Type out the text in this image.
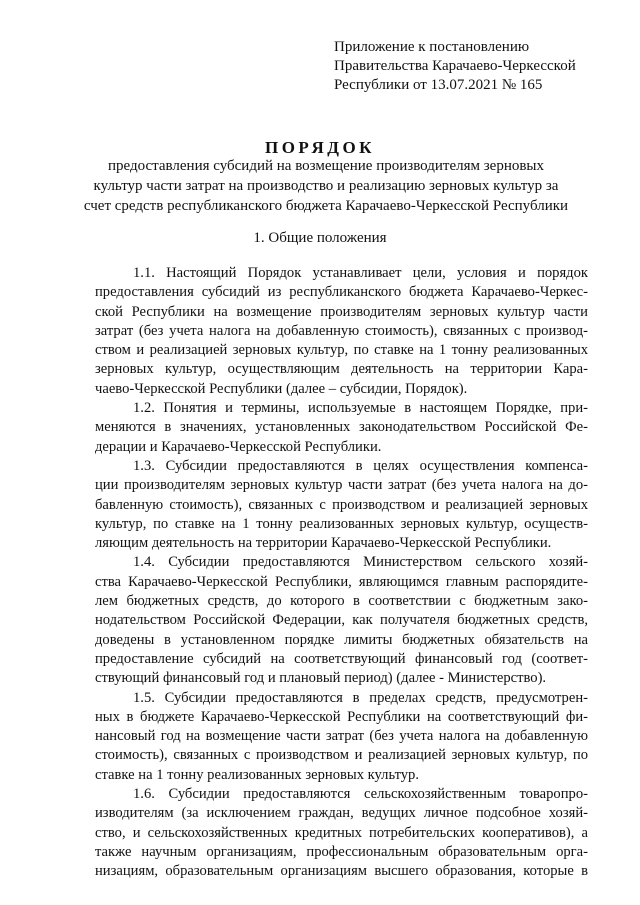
Приложение к постановлению
Правительства Карачаево-Черкесской
Республики от 13.07.2021 № 165
ПОРЯДОК
предоставления субсидий на возмещение производителям зерновых
культур части затрат на производство и реализацию зерновых культур за
счет средств республиканского бюджета Карачаево-Черкесской Республики
1. Общие положения
1.1. Настоящий Порядок устанавливает цели, условия и порядок
предоставления субсидий из республиканского бюджета Карачаево-Черкес-
ской Республики на возмещение производителям зерновых культур части
затрат (без учета налога на добавленную стоимость), связанных с производ-
ством и реализацией зерновых культур, по ставке на 1 тонну реализованных
зерновых культур, осуществляющим деятельность на территории Кара-
чаево-Черкесской Республики (далее – субсидии, Порядок).
1.2. Понятия и термины, используемые в настоящем Порядке, при-
меняются в значениях, установленных законодательством Российской Фе-
дерации и Карачаево-Черкесской Республики.
1.3. Субсидии предоставляются в целях осуществления компенса-
ции производителям зерновых культур части затрат (без учета налога на до-
бавленную стоимость), связанных с производством и реализацией зерновых
культур, по ставке на 1 тонну реализованных зерновых культур, осуществ-
ляющим деятельность на территории Карачаево-Черкесской Республики.
1.4. Субсидии предоставляются Министерством сельского хозяй-
ства Карачаево-Черкесской Республики, являющимся главным распорядите-
лем бюджетных средств, до которого в соответствии с бюджетным зако-
нодательством Российской Федерации, как получателя бюджетных средств,
доведены в установленном порядке лимиты бюджетных обязательств на
предоставление субсидий на соответствующий финансовый год (соответ-
ствующий финансовый год и плановый период) (далее - Министерство).
1.5. Субсидии предоставляются в пределах средств, предусмотрен-
ных в бюджете Карачаево-Черкесской Республики на соответствующий фи-
нансовый год на возмещение части затрат (без учета налога на добавленную
стоимость), связанных с производством и реализацией зерновых культур, по
ставке на 1 тонну реализованных зерновых культур.
1.6. Субсидии предоставляются сельскохозяйственным товаропро-
изводителям (за исключением граждан, ведущих личное подсобное хозяй-
ство, и сельскохозяйственных кредитных потребительских кооперативов), а
также научным организациям, профессиональным образовательным орга-
низациям, образовательным организациям высшего образования, которые в
